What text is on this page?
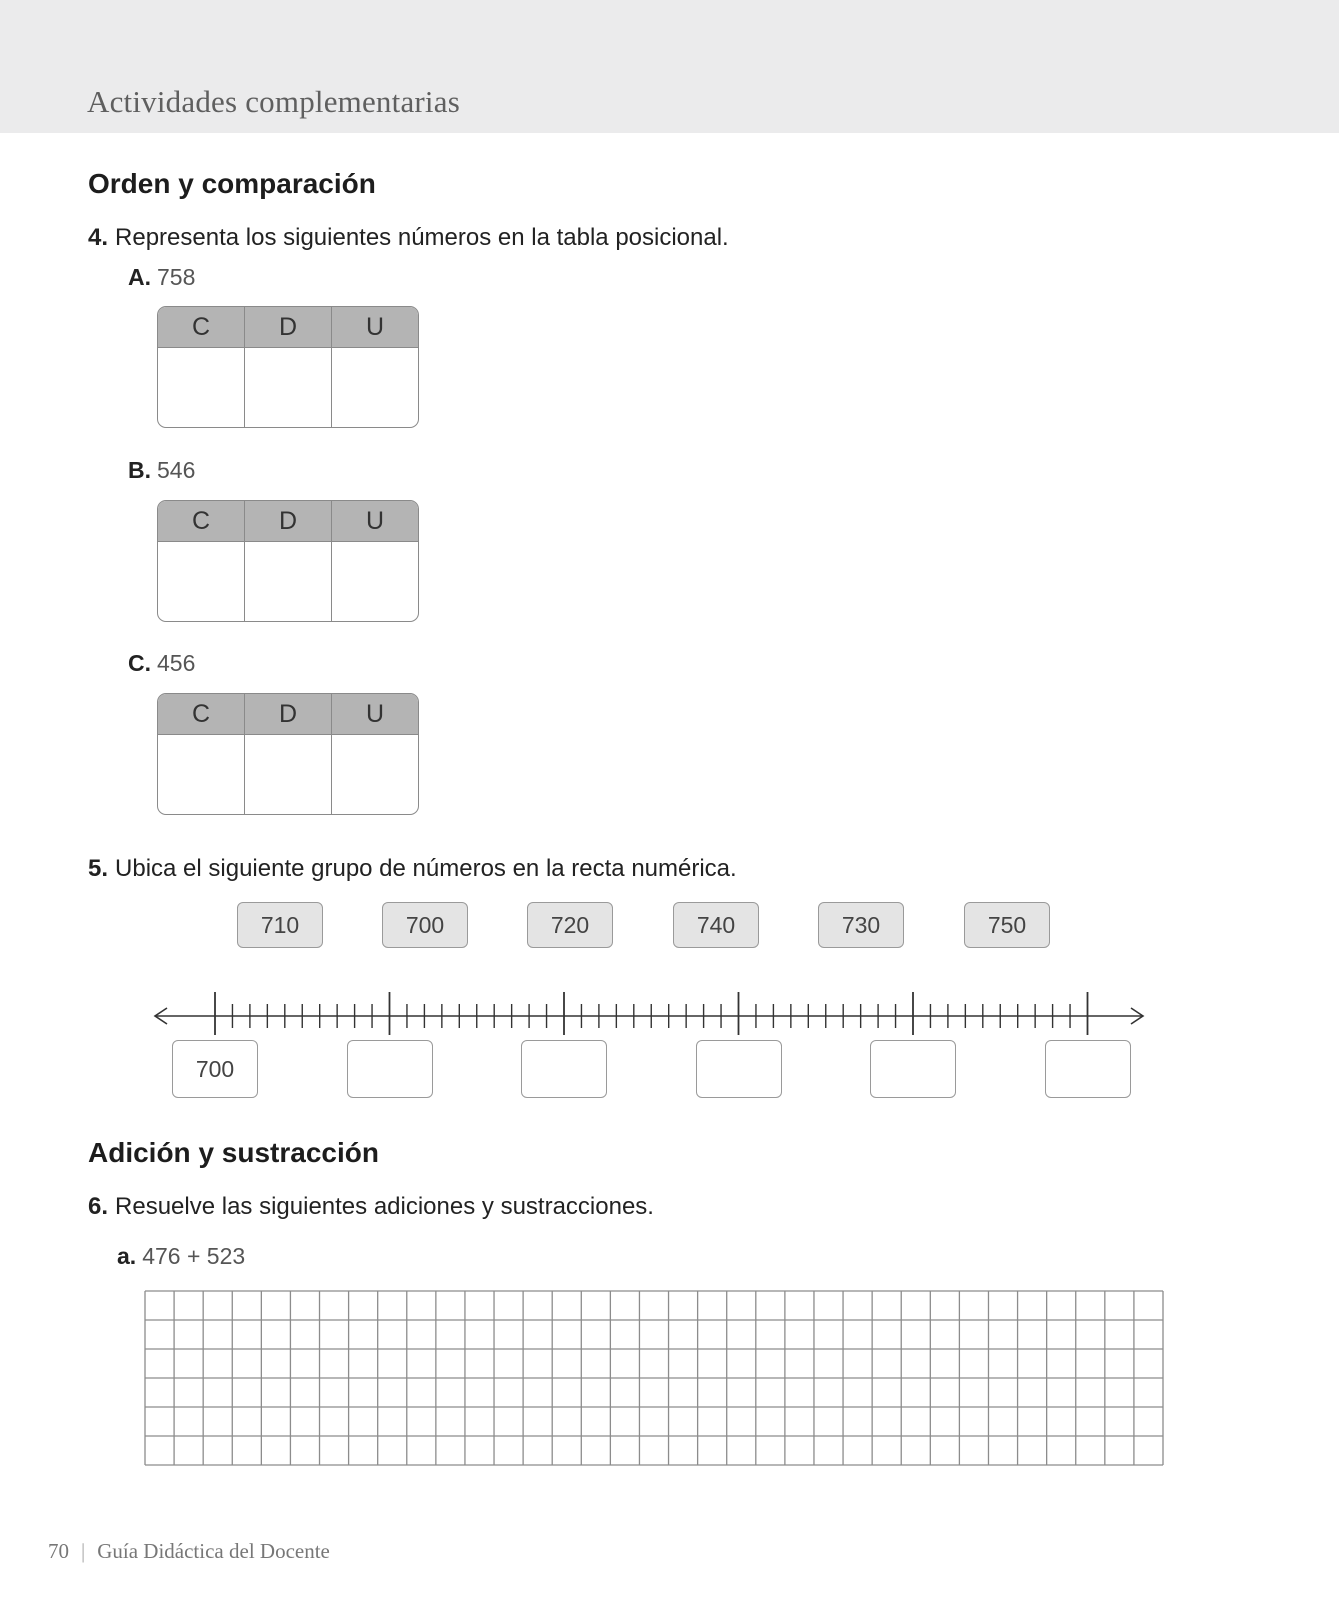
Actividades complementarias
Orden y comparación
4. Representa los siguientes números en la tabla posicional.
A. 758
C	D	U
B. 546
C	D	U
C. 456
C	D	U
5. Ubica el siguiente grupo de números en la recta numérica.
710	700	720	740	730	750
700
Adición y sustracción
6. Resuelve las siguientes adiciones y sustracciones.
a. 476 + 523
70 | Guía Didáctica del Docente
